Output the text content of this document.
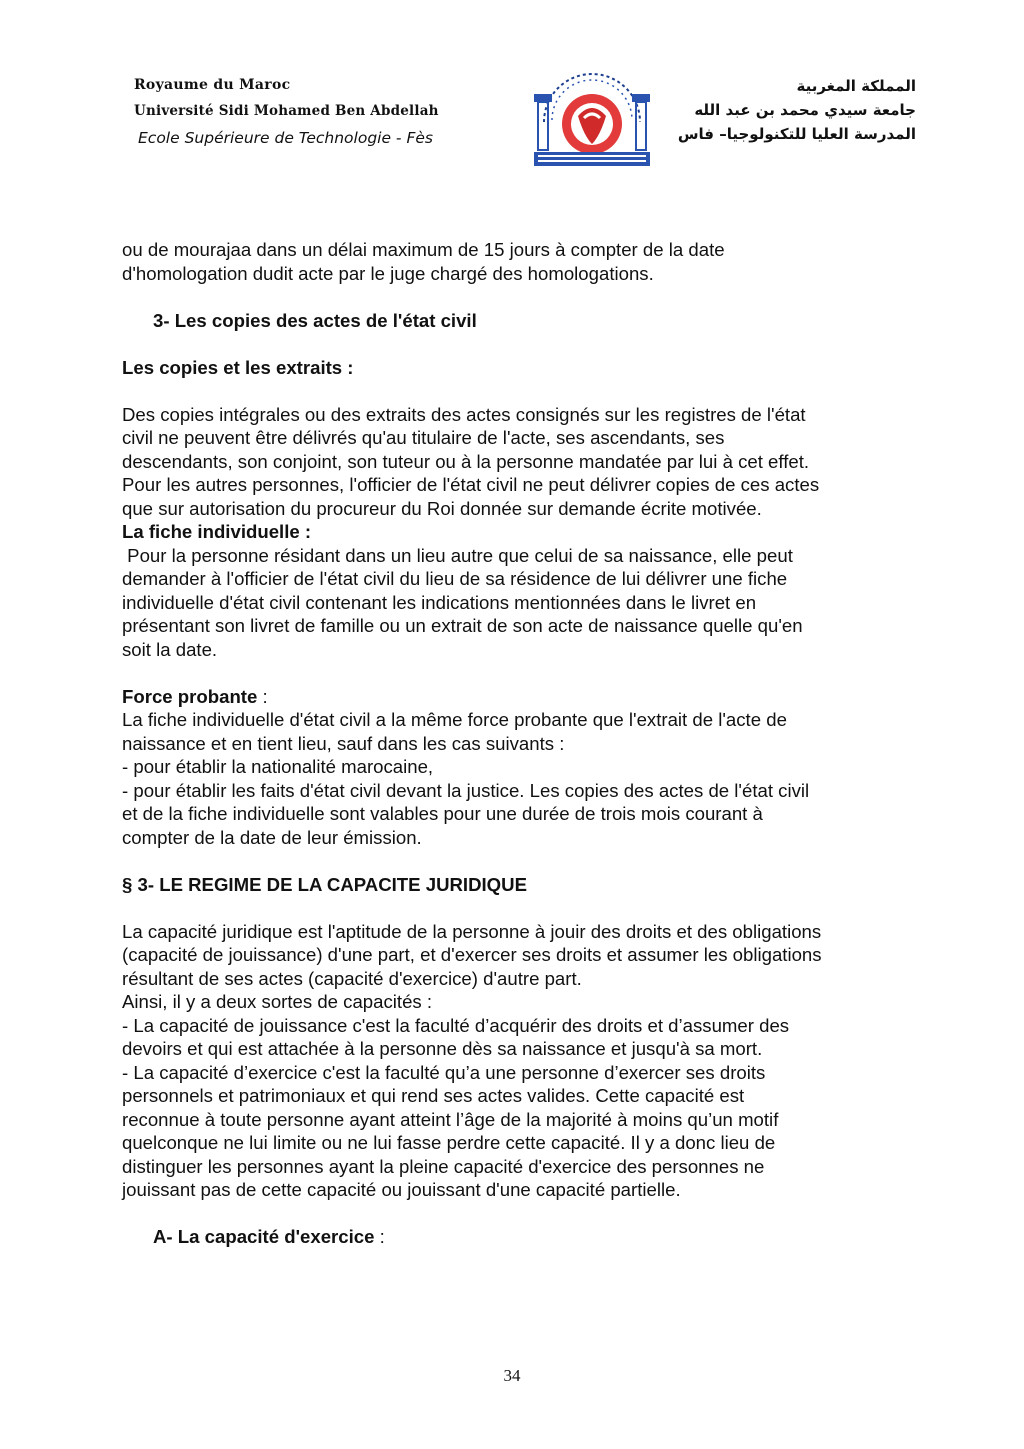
Royaume du Maroc
Université Sidi Mohamed Ben Abdellah
Ecole Supérieure de Technologie - Fès
المملكة المغربية
جامعة سيدي محمد بن عبد الله
المدرسة العليا للتكنولوجيا– فاس

ou de mourajaa dans un délai maximum de 15 jours à compter de la date

d'homologation dudit acte par le juge chargé des homologations.

3- Les copies des actes de l'état civil

Les copies et les extraits :

Des copies intégrales ou des extraits des actes consignés sur les registres de l'état

civil ne peuvent être délivrés qu'au titulaire de l'acte, ses ascendants, ses

descendants, son conjoint, son tuteur ou à la personne mandatée par lui à cet effet.

Pour les autres personnes, l'officier de l'état civil ne peut délivrer copies de ces actes

que sur autorisation du procureur du Roi donnée sur demande écrite motivée.

La fiche individuelle :

Pour la personne résidant dans un lieu autre que celui de sa naissance, elle peut

demander à l'officier de l'état civil du lieu de sa résidence de lui délivrer une fiche

individuelle d'état civil contenant les indications mentionnées dans le livret en

présentant son livret de famille ou un extrait de son acte de naissance quelle qu'en

soit la date.

Force probante :

La fiche individuelle d'état civil a la même force probante que l'extrait de l'acte de

naissance et en tient lieu, sauf dans les cas suivants :

- pour établir la nationalité marocaine,

- pour établir les faits d'état civil devant la justice. Les copies des actes de l'état civil

et de la fiche individuelle sont valables pour une durée de trois mois courant à

compter de la date de leur émission.

§ 3- LE REGIME DE LA CAPACITE JURIDIQUE

La capacité juridique est l'aptitude de la personne à jouir des droits et des obligations

(capacité de jouissance) d'une part, et d'exercer ses droits et assumer les obligations

résultant de ses actes (capacité d'exercice) d'autre part.

Ainsi, il y a deux sortes de capacités :

- La capacité de jouissance c'est la faculté d’acquérir des droits et d’assumer des

devoirs et qui est attachée à la personne dès sa naissance et jusqu'à sa mort.

- La capacité d’exercice c'est la faculté qu’a une personne d’exercer ses droits

personnels et patrimoniaux et qui rend ses actes valides. Cette capacité est

reconnue à toute personne ayant atteint l’âge de la majorité à moins qu’un motif

quelconque ne lui limite ou ne lui fasse perdre cette capacité. Il y a donc lieu de

distinguer les personnes ayant la pleine capacité d'exercice des personnes ne

jouissant pas de cette capacité ou jouissant d'une capacité partielle.

A- La capacité d'exercice :

34
